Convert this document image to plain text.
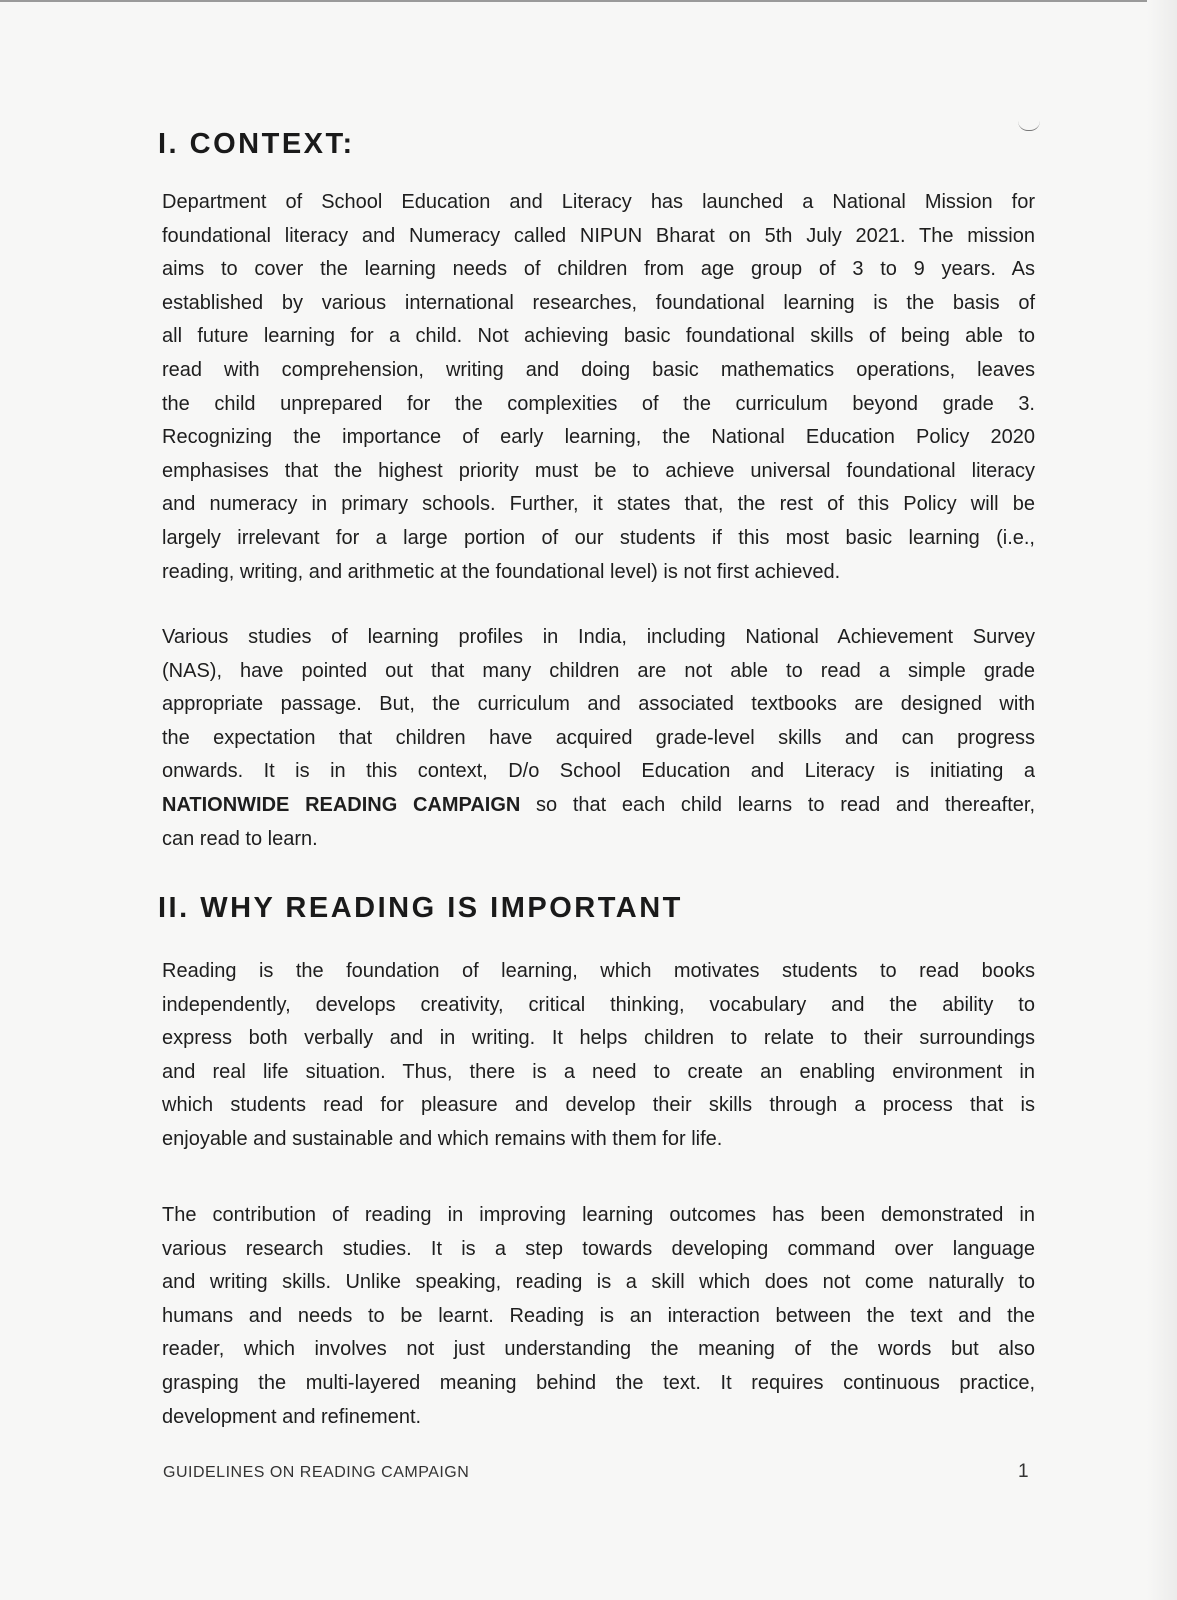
I. CONTEXT:
Department of School Education and Literacy has launched a National Mission for
foundational literacy and Numeracy called NIPUN Bharat on 5th July 2021. The mission
aims to cover the learning needs of children from age group of 3 to 9 years. As
established by various international researches, foundational learning is the basis of
all future learning for a child. Not achieving basic foundational skills of being able to
read with comprehension, writing and doing basic mathematics operations, leaves
the child unprepared for the complexities of the curriculum beyond grade 3.
Recognizing the importance of early learning, the National Education Policy 2020
emphasises that the highest priority must be to achieve universal foundational literacy
and numeracy in primary schools. Further, it states that, the rest of this Policy will be
largely irrelevant for a large portion of our students if this most basic learning (i.e.,
reading, writing, and arithmetic at the foundational level) is not first achieved.
Various studies of learning profiles in India, including National Achievement Survey
(NAS), have pointed out that many children are not able to read a simple grade
appropriate passage. But, the curriculum and associated textbooks are designed with
the expectation that children have acquired grade-level skills and can progress
onwards. It is in this context, D/o School Education and Literacy is initiating a
NATIONWIDE READING CAMPAIGN so that each child learns to read and thereafter,
can read to learn.
II. WHY READING IS IMPORTANT
Reading is the foundation of learning, which motivates students to read books
independently, develops creativity, critical thinking, vocabulary and the ability to
express both verbally and in writing. It helps children to relate to their surroundings
and real life situation. Thus, there is a need to create an enabling environment in
which students read for pleasure and develop their skills through a process that is
enjoyable and sustainable and which remains with them for life.
The contribution of reading in improving learning outcomes has been demonstrated in
various research studies. It is a step towards developing command over language
and writing skills. Unlike speaking, reading is a skill which does not come naturally to
humans and needs to be learnt. Reading is an interaction between the text and the
reader, which involves not just understanding the meaning of the words but also
grasping the multi-layered meaning behind the text. It requires continuous practice,
development and refinement.
GUIDELINES ON READING CAMPAIGN	1
